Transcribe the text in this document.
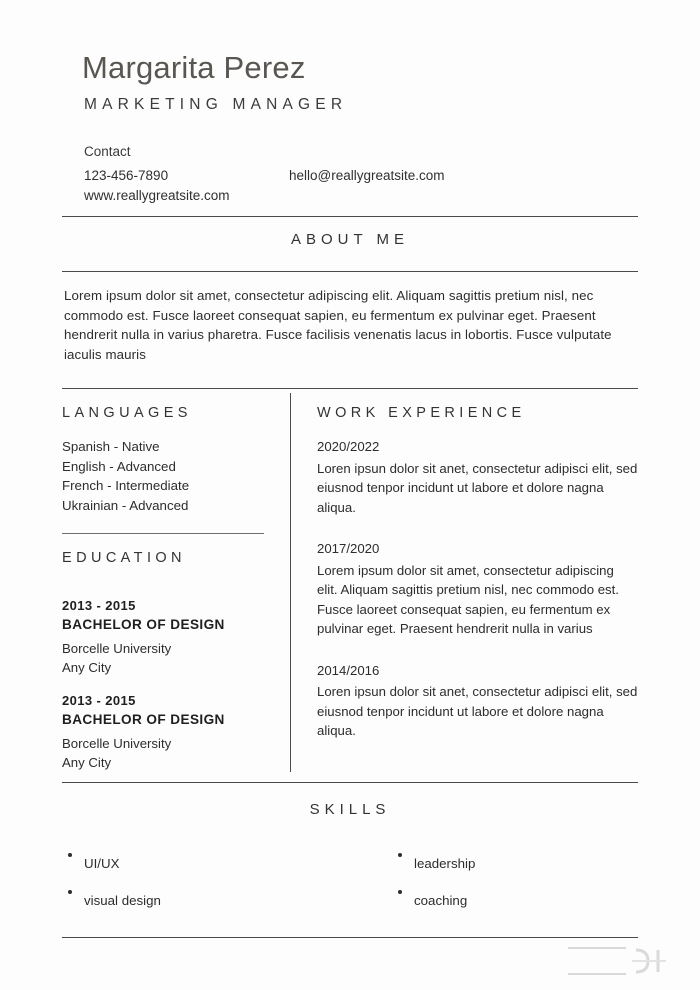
Margarita Perez
MARKETING MANAGER
Contact
123-456-7890	hello@reallygreatsite.com
www.reallygreatsite.com
ABOUT ME
Lorem ipsum dolor sit amet, consectetur adipiscing elit. Aliquam sagittis pretium nisl, nec commodo est. Fusce laoreet consequat sapien, eu fermentum ex pulvinar eget. Praesent hendrerit nulla in varius pharetra. Fusce facilisis venenatis lacus in lobortis. Fusce vulputate iaculis mauris
LANGUAGES
Spanish - Native
English - Advanced
French - Intermediate
Ukrainian - Advanced
EDUCATION
2013 - 2015
BACHELOR OF DESIGN
Borcelle University
Any City
2013 - 2015
BACHELOR OF DESIGN
Borcelle University
Any City
WORK EXPERIENCE
2020/2022
Loren ipsun dolor sit anet, consectetur adipisci elit, sed eiusnod tenpor incidunt ut labore et dolore nagna aliqua.
2017/2020
Lorem ipsum dolor sit amet, consectetur adipiscing elit. Aliquam sagittis pretium nisl, nec commodo est. Fusce laoreet consequat sapien, eu fermentum ex pulvinar eget. Praesent hendrerit nulla in varius
2014/2016
Loren ipsun dolor sit anet, consectetur adipisci elit, sed eiusnod tenpor incidunt ut labore et dolore nagna aliqua.
SKILLS
UI/UX
visual design
leadership
coaching
